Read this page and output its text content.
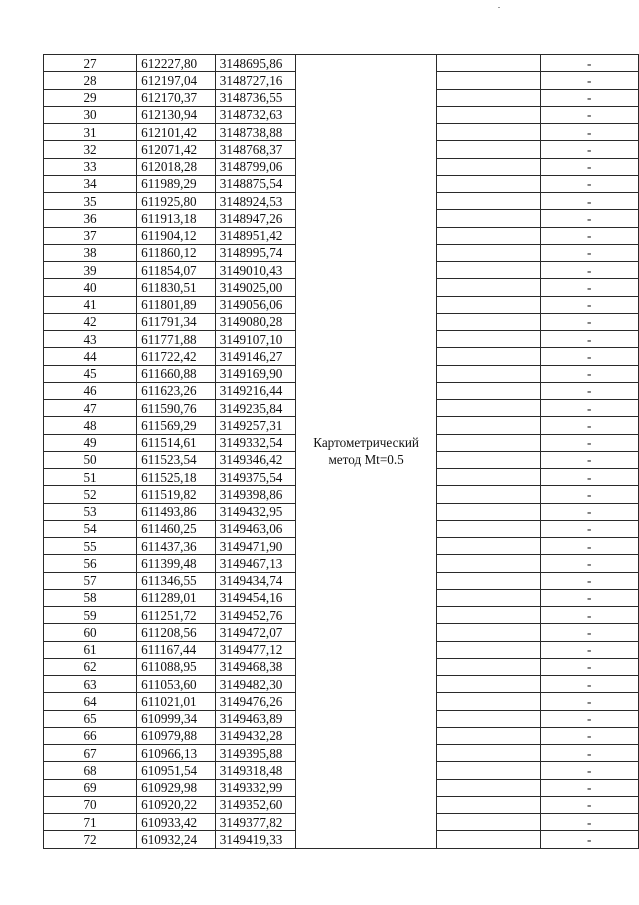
27	612227,80	3148695,86	Картометрический метод Mt=0.5		-
28	612197,04	3148727,16			-
29	612170,37	3148736,55			-
30	612130,94	3148732,63			-
31	612101,42	3148738,88			-
32	612071,42	3148768,37			-
33	612018,28	3148799,06			-
34	611989,29	3148875,54			-
35	611925,80	3148924,53			-
36	611913,18	3148947,26			-
37	611904,12	3148951,42			-
38	611860,12	3148995,74			-
39	611854,07	3149010,43			-
40	611830,51	3149025,00			-
41	611801,89	3149056,06			-
42	611791,34	3149080,28			-
43	611771,88	3149107,10			-
44	611722,42	3149146,27			-
45	611660,88	3149169,90			-
46	611623,26	3149216,44			-
47	611590,76	3149235,84			-
48	611569,29	3149257,31			-
49	611514,61	3149332,54			-
50	611523,54	3149346,42			-
51	611525,18	3149375,54			-
52	611519,82	3149398,86			-
53	611493,86	3149432,95			-
54	611460,25	3149463,06			-
55	611437,36	3149471,90			-
56	611399,48	3149467,13			-
57	611346,55	3149434,74			-
58	611289,01	3149454,16			-
59	611251,72	3149452,76			-
60	611208,56	3149472,07			-
61	611167,44	3149477,12			-
62	611088,95	3149468,38			-
63	611053,60	3149482,30			-
64	611021,01	3149476,26			-
65	610999,34	3149463,89			-
66	610979,88	3149432,28			-
67	610966,13	3149395,88			-
68	610951,54	3149318,48			-
69	610929,98	3149332,99			-
70	610920,22	3149352,60			-
71	610933,42	3149377,82			-
72	610932,24	3149419,33			-
